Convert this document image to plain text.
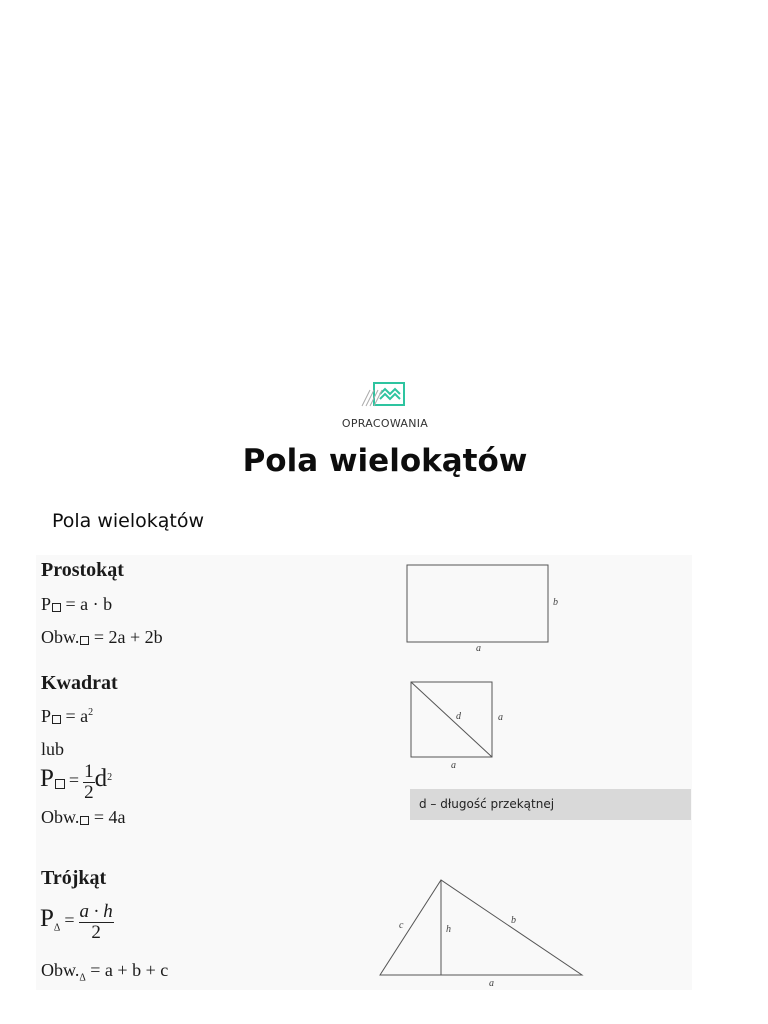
OPRACOWANIA
Pola wielokątów
Pola wielokątów
Prostokąt
P = a · b
Obw. = 2a + 2b
Kwadrat
$P = a^2$
lub
$P = \frac{1}{2} d^2$
Obw. = 4a
d – długość przekątnej
Trójkąt
$P_\Delta = \frac{a \cdot h}{2}$
$Obw._\Delta = a + b + c$
b
a
d	a
a
c	h
b
a
